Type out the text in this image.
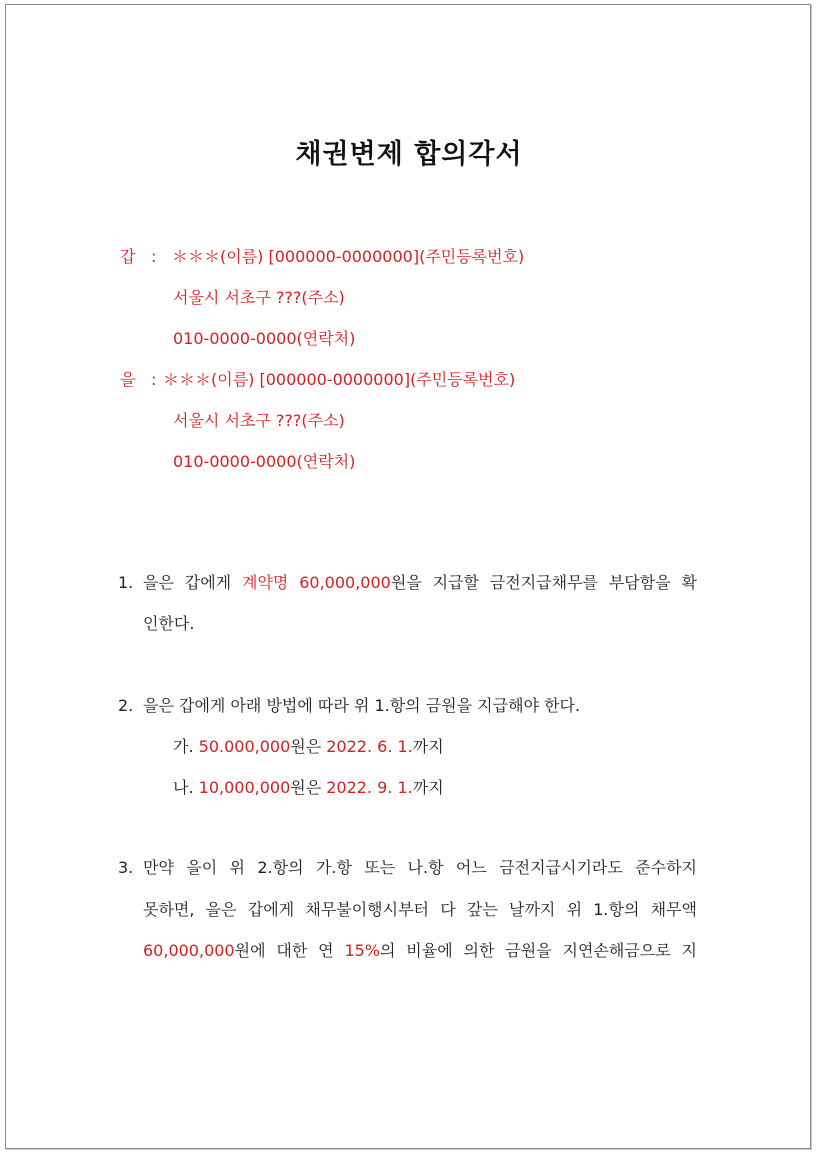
채권변제 합의각서
갑 : ＊＊＊(이름) [000000-0000000](주민등록번호)
서울시 서초구 ???(주소)
010-0000-0000(연락처)
을 : ＊＊＊(이름) [000000-0000000](주민등록번호)
서울시 서초구 ???(주소)
010-0000-0000(연락처)
1. 을은 갑에게 계약명 60,000,000원을 지급할 금전지급채무를 부담함을 확
인한다.
2. 을은 갑에게 아래 방법에 따라 위 1.항의 금원을 지급해야 한다.
가. 50.000,000원은 2022. 6. 1.까지
나. 10,000,000원은 2022. 9. 1.까지
3. 만약 을이 위 2.항의 가.항 또는 나.항 어느 금전지급시기라도 준수하지
못하면, 을은 갑에게 채무불이행시부터 다 갚는 날까지 위 1.항의 채무액
60,000,000원에 대한 연 15%의 비율에 의한 금원을 지연손해금으로 지
